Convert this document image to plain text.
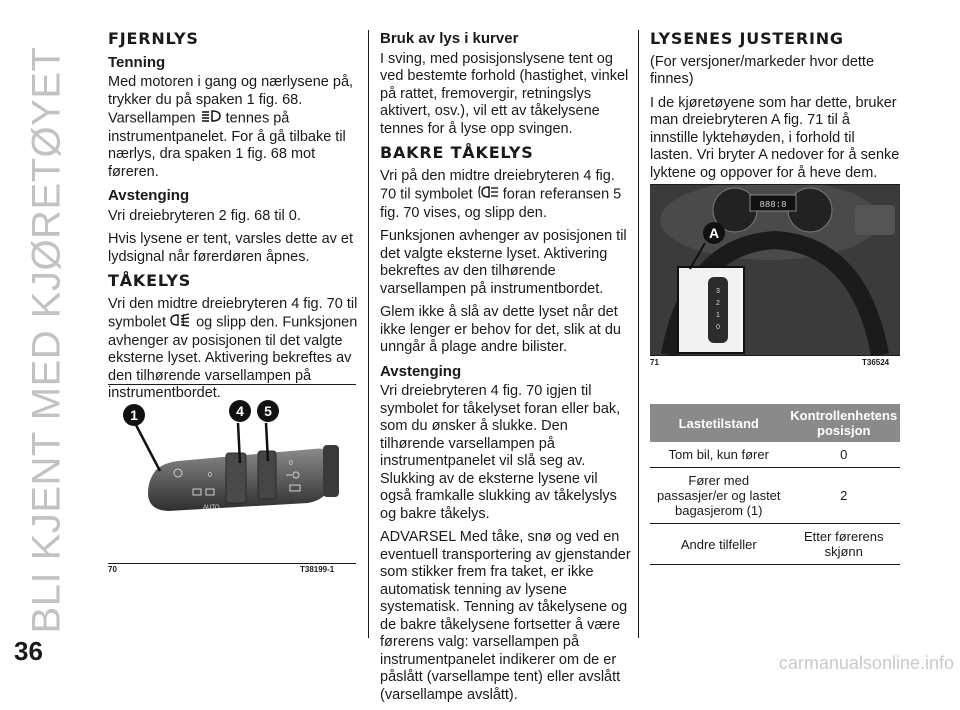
BLI KJENT MED KJØRETØYET
36
FJERNLYS
Tenning

Med motoren i gang og nærlysene på, trykker du på spaken 1 fig. 68. Varsellampen tennes på instrumentpanelet. For å gå tilbake til nærlys, dra spaken 1 fig. 68 mot føreren.

Avstenging

Vri dreiebryteren 2 fig. 68 til 0.

Hvis lysene er tent, varsles dette av et lydsignal når førerdøren åpnes.

TÅKELYS

Vri den midtre dreiebryteren 4 fig. 70 til symbolet og slipp den. Funksjonen avhenger av posisjonen til det valgte eksterne lyset. Aktivering bekreftes av den tilhørende varsellampen på instrumentbordet.

0
0
AUTO
1	4 5
70	T38199-1
Bruk av lys i kurver

I sving, med posisjonslysene tent og ved bestemte forhold (hastighet, vinkel på rattet, fremovergir, retningslys aktivert, osv.), vil ett av tåkelysene tennes for å lyse opp svingen.

BAKRE TÅKELYS

Vri på den midtre dreiebryteren 4 fig. 70 til symbolet foran referansen 5 fig. 70 vises, og slipp den.

Funksjonen avhenger av posisjonen til det valgte eksterne lyset. Aktivering bekreftes av den tilhørende varsellampen på instrumentbordet.

Glem ikke å slå av dette lyset når det ikke lenger er behov for det, slik at du unngår å plage andre bilister.

Avstenging

Vri dreiebryteren 4 fig. 70 igjen til symbolet for tåkelyset foran eller bak, som du ønsker å slukke. Den tilhørende varsellampen på instrumentpanelet vil slå seg av. Slukking av de eksterne lysene vil også framkalle slukking av tåkelyslys og bakre tåkelys.

ADVARSEL Med tåke, snø og ved en eventuell transportering av gjenstander som stikker frem fra taket, er ikke automatisk tenning av lysene systematisk. Tenning av tåkelysene og de bakre tåkelysene fortsetter å være førerens valg: varsellampen på instrumentpanelet indikerer om de er påslått (varsellampe tent) eller avslått (varsellampe avslått).

LYSENES JUSTERING

(For versjoner/markeder hvor dette finnes)

I de kjøretøyene som har dette, bruker man dreiebryteren A fig. 71 til å innstille lyktehøyden, i forhold til lasten. Vri bryter A nedover for å senke lyktene og oppover for å heve dem.

888:8
3
2
1
0
A
71	T36524
Lastetilstand	Kontrollenhetens posisjon
Tom bil, kun fører	0
Fører med passasjer/er og lastet bagasjerom (1)	2
Andre tilfeller	Etter førerens skjønn
carmanualsonline.info
